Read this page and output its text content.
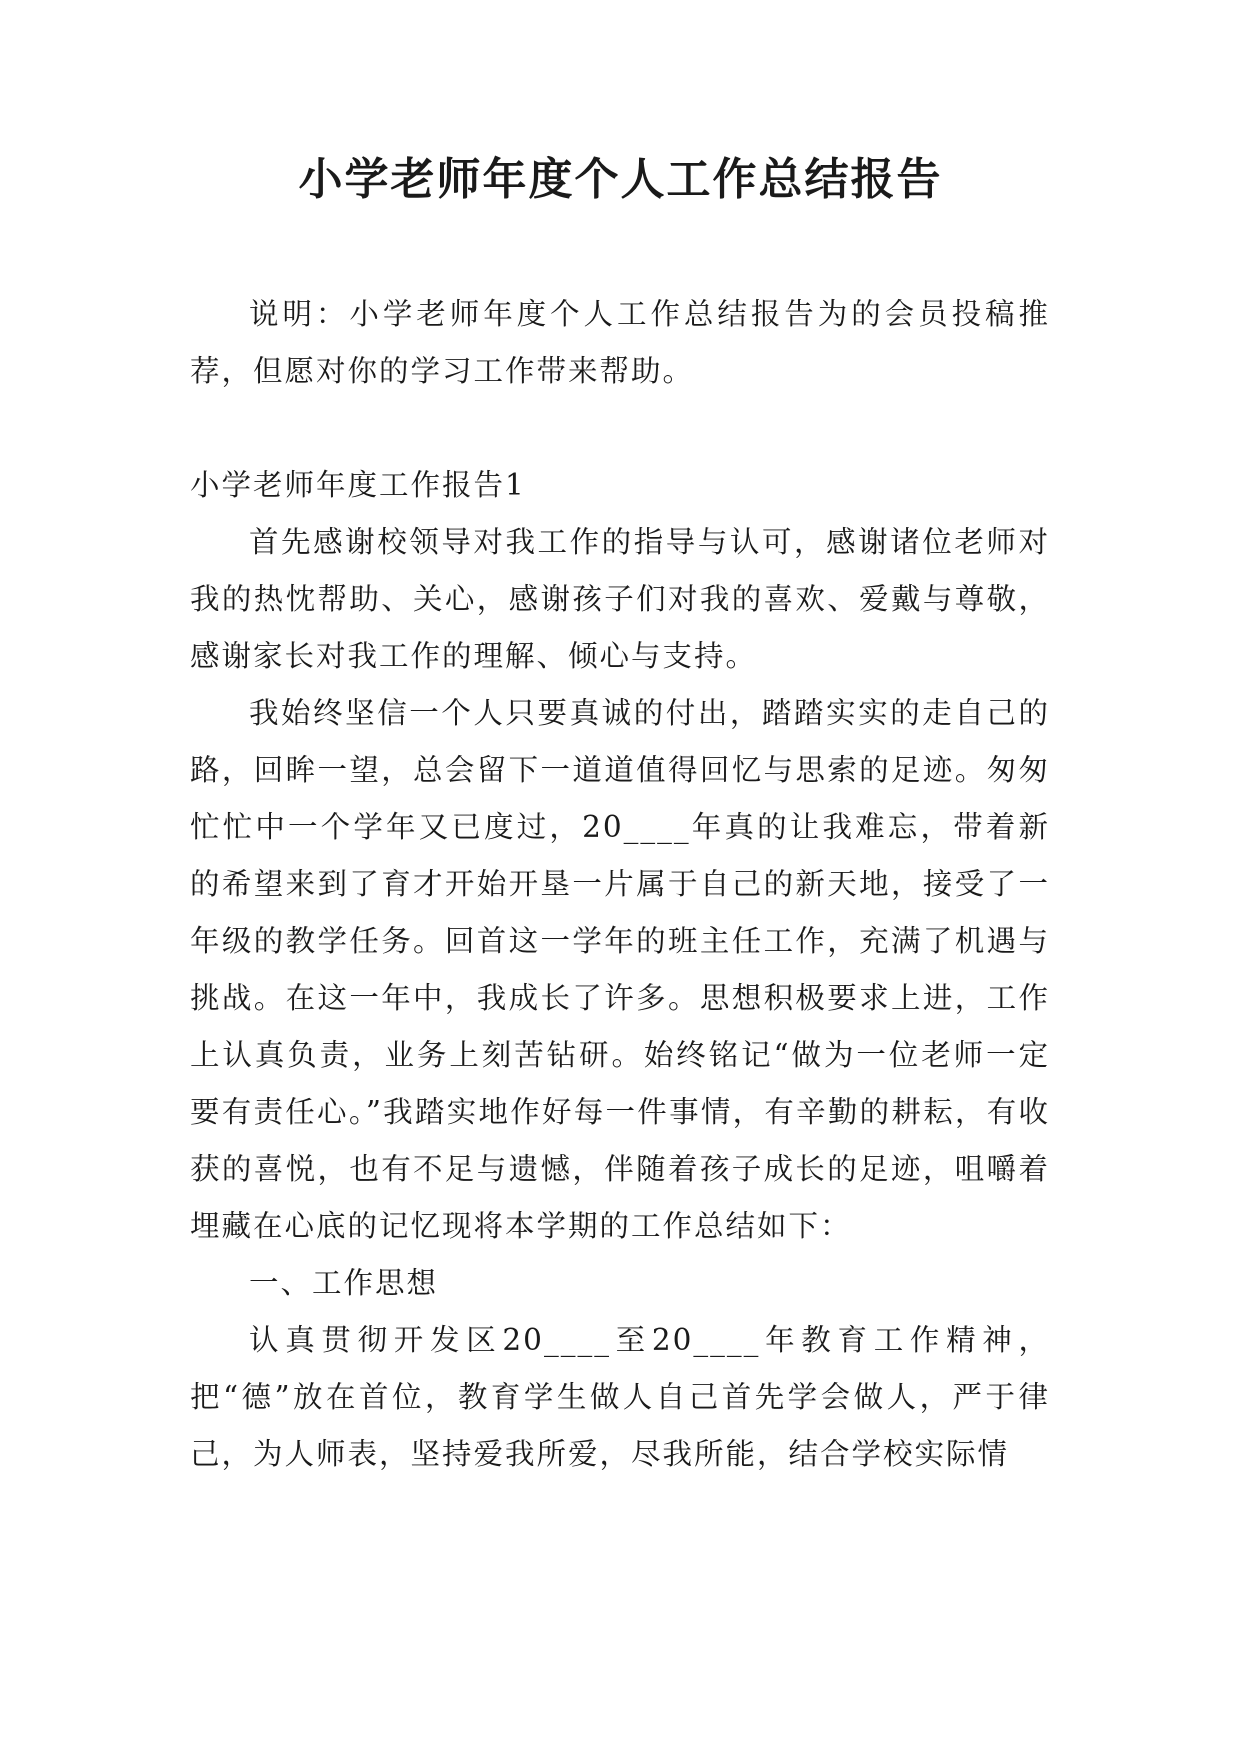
小学老师年度个人工作总结报告

说明：小学老师年度个人工作总结报告为的会员投稿推荐，但愿对你的学习工作带来帮助。

小学老师年度工作报告1

首先感谢校领导对我工作的指导与认可，感谢诸位老师对我的热忱帮助、关心，感谢孩子们对我的喜欢、爱戴与尊敬，感谢家长对我工作的理解、倾心与支持。

我始终坚信一个人只要真诚的付出，踏踏实实的走自己的路，回眸一望，总会留下一道道值得回忆与思索的足迹。匆匆忙忙中一个学年又已度过，20____年真的让我难忘，带着新的希望来到了育才开始开垦一片属于自己的新天地，接受了一年级的教学任务。回首这一学年的班主任工作，充满了机遇与挑战。在这一年中，我成长了许多。思想积极要求上进，工作上认真负责，业务上刻苦钻研。始终铭记“做为一位老师一定要有责任心。”我踏实地作好每一件事情，有辛勤的耕耘，有收获的喜悦，也有不足与遗憾，伴随着孩子成长的足迹，咀嚼着埋藏在心底的记忆现将本学期的工作总结如下：

一、工作思想

认真贯彻开发区20____至20____年教育工作精神，把“德”放在首位，教育学生做人自己首先学会做人，严于律己，为人师表，坚持爱我所爱，尽我所能，结合学校实际情
